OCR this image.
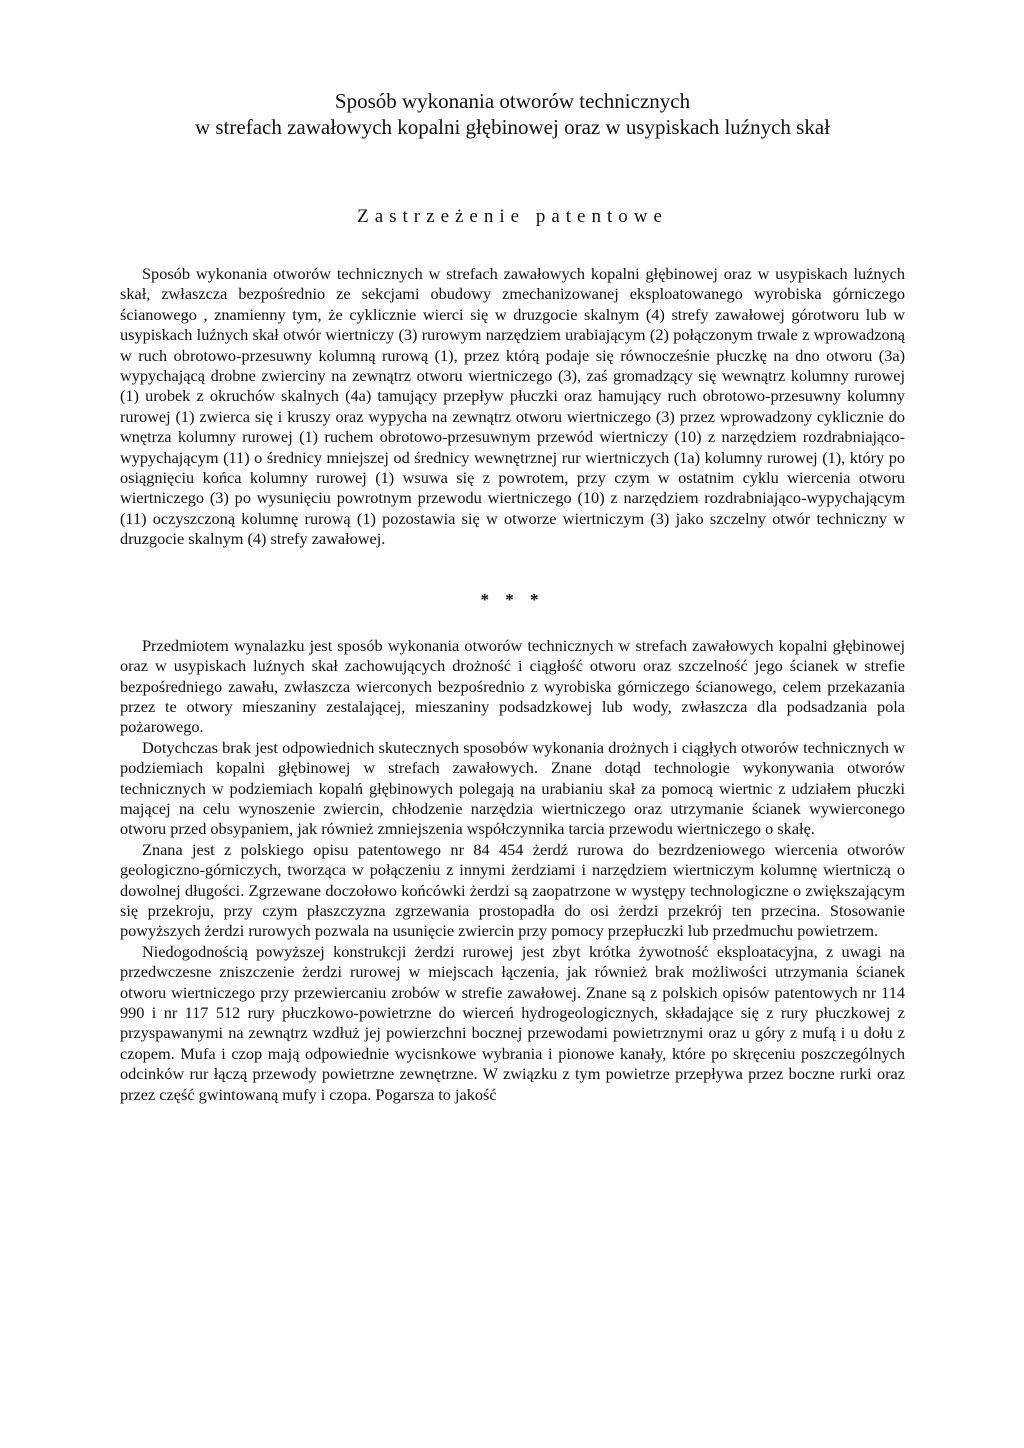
Sposób wykonania otworów technicznych
w strefach zawałowych kopalni głębinowej oraz w usypiskach luźnych skał
Zastrzeżenie patentowe

Sposób wykonania otworów technicznych w strefach zawałowych kopalni głębinowej oraz w usypiskach luźnych skał, zwłaszcza bezpośrednio ze sekcjami obudowy zmechanizowanej eksploatowanego wyrobiska górniczego ścianowego , znamienny tym, że cyklicznie wierci się w druzgocie skalnym (4) strefy zawałowej górotworu lub w usypiskach luźnych skał otwór wiertniczy (3) rurowym narzędziem urabiającym (2) połączonym trwale z wprowadzoną w ruch obrotowo-przesuwny kolumną rurową (1), przez którą podaje się równocześnie płuczkę na dno otworu (3a) wypychającą drobne zwierciny na zewnątrz otworu wiertniczego (3), zaś gromadzący się wewnątrz kolumny rurowej (1) urobek z okruchów skalnych (4a) tamujący przepływ płuczki oraz hamujący ruch obrotowo-przesuwny kolumny rurowej (1) zwierca się i kruszy oraz wypycha na zewnątrz otworu wiertniczego (3) przez wprowadzony cyklicznie do wnętrza kolumny rurowej (1) ruchem obrotowo-przesuwnym przewód wiertniczy (10) z narzędziem rozdrabniająco-wypychającym (11) o średnicy mniejszej od średnicy wewnętrznej rur wiertniczych (1a) kolumny rurowej (1), który po osiągnięciu końca kolumny rurowej (1) wsuwa się z powrotem, przy czym w ostatnim cyklu wiercenia otworu wiertniczego (3) po wysunięciu powrotnym przewodu wiertniczego (10) z narzędziem rozdrabniająco-wypychającym (11) oczyszczoną kolumnę rurową (1) pozostawia się w otworze wiertniczym (3) jako szczelny otwór techniczny w druzgocie skalnym (4) strefy zawałowej.

* * *

Przedmiotem wynalazku jest sposób wykonania otworów technicznych w strefach zawałowych kopalni głębinowej oraz w usypiskach luźnych skał zachowujących drożność i ciągłość otworu oraz szczelność jego ścianek w strefie bezpośredniego zawału, zwłaszcza wierconych bezpośrednio z wyrobiska górniczego ścianowego, celem przekazania przez te otwory mieszaniny zestalającej, mieszaniny podsadzkowej lub wody, zwłaszcza dla podsadzania pola pożarowego.

Dotychczas brak jest odpowiednich skutecznych sposobów wykonania drożnych i ciągłych otworów technicznych w podziemiach kopalni głębinowej w strefach zawałowych. Znane dotąd technologie wykonywania otworów technicznych w podziemiach kopalń głębinowych polegają na urabianiu skał za pomocą wiertnic z udziałem płuczki mającej na celu wynoszenie zwiercin, chłodzenie narzędzia wiertniczego oraz utrzymanie ścianek wywierconego otworu przed obsypaniem, jak również zmniejszenia współczynnika tarcia przewodu wiertniczego o skałę.

Znana jest z polskiego opisu patentowego nr 84 454 żerdź rurowa do bezrdzeniowego wiercenia otworów geologiczno-górniczych, tworząca w połączeniu z innymi żerdziami i narzędziem wiertniczym kolumnę wiertniczą o dowolnej długości. Zgrzewane doczołowo końcówki żerdzi są zaopatrzone w występy technologiczne o zwiększającym się przekroju, przy czym płaszczyzna zgrzewania prostopadła do osi żerdzi przekrój ten przecina. Stosowanie powyższych żerdzi rurowych pozwala na usunięcie zwiercin przy pomocy przepłuczki lub przedmuchu powietrzem.

Niedogodnością powyższej konstrukcji żerdzi rurowej jest zbyt krótka żywotność eksploatacyjna, z uwagi na przedwczesne zniszczenie żerdzi rurowej w miejscach łączenia, jak również brak możliwości utrzymania ścianek otworu wiertniczego przy przewiercaniu zrobów w strefie zawałowej. Znane są z polskich opisów patentowych nr 114 990 i nr 117 512 rury płuczkowo-powietrzne do wierceń hydrogeologicznych, składające się z rury płuczkowej z przyspawanymi na zewnątrz wzdłuż jej powierzchni bocznej przewodami powietrznymi oraz u góry z mufą i u dołu z czopem. Mufa i czop mają odpowiednie wycisnkowe wybrania i pionowe kanały, które po skręceniu poszczególnych odcinków rur łączą przewody powietrzne zewnętrzne. W związku z tym powietrze przepływa przez boczne rurki oraz przez część gwintowaną mufy i czopa. Pogarsza to jakość
